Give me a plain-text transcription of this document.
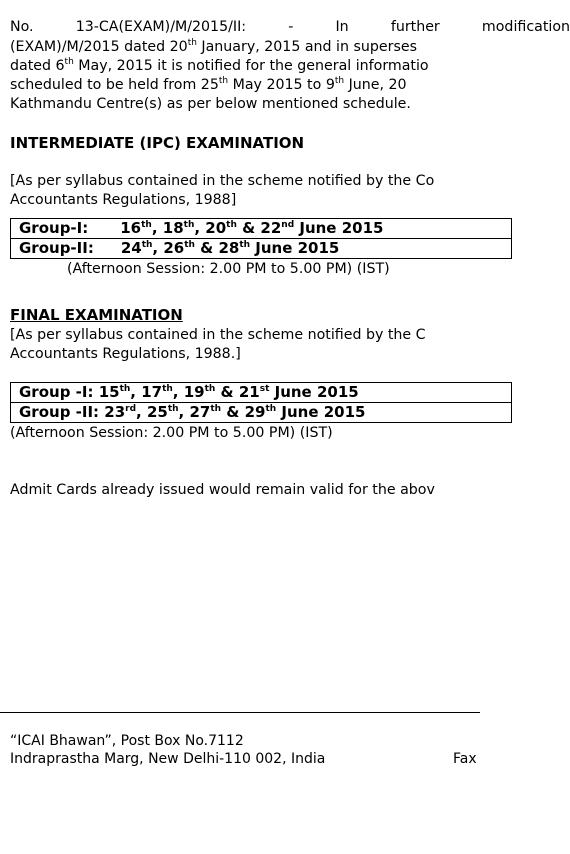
No. 13-CA(EXAM)/M/2015/II: - In further modification
(EXAM)/M/2015 dated 20th January, 2015 and in superses
dated 6th May, 2015 it is notified for the general informatio
scheduled to be held from 25th May 2015 to 9th June, 20
Kathmandu Centre(s) as per below mentioned schedule.
INTERMEDIATE (IPC) EXAMINATION
[As per syllabus contained in the scheme notified by the Co
Accountants Regulations, 1988]
Group-I: 16th, 18th, 20th & 22nd June 2015
Group-II: 24th, 26th & 28th June 2015
(Afternoon Session: 2.00 PM to 5.00 PM) (IST)
FINAL EXAMINATION
[As per syllabus contained in the scheme notified by the C
Accountants Regulations, 1988.]
Group -I: 15th, 17th, 19th & 21st June 2015
Group -II: 23rd, 25th, 27th & 29th June 2015
(Afternoon Session: 2.00 PM to 5.00 PM) (IST)
Admit Cards already issued would remain valid for the abov
“ICAI Bhawan”, Post Box No.7112
Indraprastha Marg, New Delhi-110 002, India	Fax
